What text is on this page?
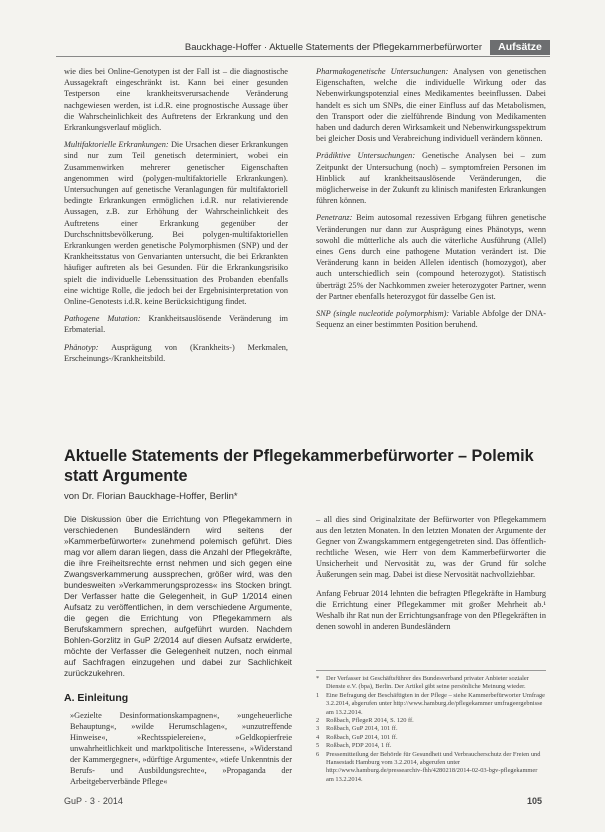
Bauckhage-Hoffer · Aktuelle Statements der Pflegekammerbefürworter	Aufsätze

wie dies bei Online-Genotypen ist der Fall ist – die diagnostische Aussagekraft eingeschränkt ist. Kann bei einer gesunden Testperson eine krankheitsverursachende Veränderung nachgewiesen werden, ist i.d.R. eine prognostische Aussage über die Wahrscheinlichkeit des Auftretens der Erkrankung und den Erkrankungsverlauf möglich.

Multifaktorielle Erkrankungen: Die Ursachen dieser Erkrankungen sind nur zum Teil genetisch determiniert, wobei ein Zusammenwirken mehrerer genetischer Eigenschaften angenommen wird (polygen-multifaktorielle Erkrankungen). Untersuchungen auf genetische Veranlagungen für multifaktoriell bedingte Erkrankungen ermöglichen i.d.R. nur relativierende Aussagen, z.B. zur Erhöhung der Wahrscheinlichkeit des Auftretens einer Erkrankung gegenüber der Durchschnittsbevölkerung. Bei polygen-multifaktoriellen Erkrankungen werden genetische Polymorphismen (SNP) und der Krankheitsstatus von Genvarianten untersucht, die bei Erkrankten häufiger auftreten als bei Gesunden. Für die Erkrankungsrisiko spielt die individuelle Lebenssituation des Probanden ebenfalls eine wichtige Rolle, die jedoch bei der Ergebnisinterpretation von Online-Genotests i.d.R. keine Berücksichtigung findet.

Pathogene Mutation: Krankheitsauslösende Veränderung im Erbmaterial.

Phänotyp: Ausprägung von (Krankheits-) Merkmalen, Erscheinungs-/Krankheitsbild.

Pharmakogenetische Untersuchungen: Analysen von genetischen Eigenschaften, welche die individuelle Wirkung oder das Nebenwirkungspotenzial eines Medikamentes beeinflussen. Dabei handelt es sich um SNPs, die einer Einfluss auf das Metabolismen, den Transport oder die zielführende Bindung von Medikamenten haben und dadurch deren Wirksamkeit und Nebenwirkungsspektrum bei gleicher Dosis und Verabreichung individuell verändern können.

Prädiktive Untersuchungen: Genetische Analysen bei – zum Zeitpunkt der Untersuchung (noch) – symptomfreien Personen im Hinblick auf krankheitsauslösende Veränderungen, die möglicherweise in der Zukunft zu klinisch manifesten Erkrankungen führen können.

Penetranz: Beim autosomal rezessiven Erbgang führen genetische Veränderungen nur dann zur Ausprägung eines Phänotyps, wenn sowohl die mütterliche als auch die väterliche Ausführung (Allel) eines Gens durch eine pathogene Mutation verändert ist. Die Veränderung kann in beiden Allelen identisch (homozygot), aber auch unterschiedlich sein (compound heterozygot). Statistisch überträgt 25% der Nachkommen zweier heterozygoter Partner, wenn der Partner ebenfalls heterozygot für dasselbe Gen ist.

SNP (single nucleotide polymorphism): Variable Abfolge der DNA-Sequenz an einer bestimmten Position beruhend.

Aktuelle Statements der Pflegekammerbefürworter – Polemik statt Argumente
von Dr. Florian Bauckhage-Hoffer, Berlin*

Die Diskussion über die Errichtung von Pflegekammern in verschiedenen Bundesländern wird seitens der »Kammerbefürworter« zunehmend polemisch geführt. Dies mag vor allem daran liegen, dass die Anzahl der Pflegekräfte, die ihre Freiheitsrechte ernst nehmen und sich gegen eine Zwangsverkammerung aussprechen, größer wird, was den bundesweiten »Verkammerungsprozess« ins Stocken bringt. Der Verfasser hatte die Gelegenheit, in GuP 1/2014 einen Aufsatz zu veröffentlichen, in dem verschiedene Argumente, die gegen die Errichtung von Pflegekammern als Berufskammern sprechen, aufgeführt wurden. Nachdem Bohlen-Gorzlitz in GuP 2/2014 auf diesen Aufsatz erwiderte, möchte der Verfasser die Gelegenheit nutzen, noch einmal auf Sachfragen einzugehen und dabei zur Sachlichkeit zurückzukehren.

A. Einleitung

»Gezielte Desinformationskampagnen«, »ungeheuerliche Behauptung«, »wilde Herumschlagen«, »unzutreffende Hinweise«, »Rechtsspielereien«, »Geldkopierfreie unwahrheitlichkeit und marktpolitische Interessen«, »Widerstand der Kammergegner«, »dürftige Argumente«, »tiefe Unkenntnis der Berufs- und Ausbildungsrechte«, »Propaganda der Arbeitgeberverbände Pflege«

– all dies sind Originalzitate der Befürworter von Pflegekammern aus den letzten Monaten. In den letzten Monaten der Argumente der Gegner von Zwangskammern entgegengetreten sind. Das öffentlich-rechtliche Wesen, wie Herr von dem Kammerbefürworter die Unsicherheit und Nervosität zu, was der Grund für solche Äußerungen sein mag. Dabei ist diese Nervosität nachvollziehbar.

Anfang Februar 2014 lehnten die befragten Pflegekräfte in Hamburg die Errichtung einer Pflegekammer mit großer Mehrheit ab.¹ Weshalb ihr Rat nun der Errichtungsanfrage von den Pflegekräften in denen sowohl in anderen Bundesländern

*	Der Verfasser ist Geschäftsführer des Bundesverband privater Anbieter sozialer Dienste e.V. (bpa), Berlin. Der Artikel gibt seine persönliche Meinung wieder.
1	Eine Befragung der Beschäftigten in der Pflege – siehe Kammerbefürworter Umfrage 3.2.2014, abgerufen unter http://www.hamburg.de/pflegekammer umfrageergebnisse am 13.2.2014.
2	Roßbach, PflegeR 2014, S. 120 ff.
3	Roßbach, GuP 2014, 101 ff.
4	Roßbach, GuP 2014, 101 ff.
5	Roßbach, PDP 2014, 1 ff.
6	Pressemitteilung der Behörde für Gesundheit und Verbraucherschutz der Freien und Hansestadt Hamburg vom 3.2.2014, abgerufen unter http://www.hamburg.de/pressearchiv-fhh/4280218/2014-02-03-bgv-pflegekammer am 13.2.2014.
GuP · 3 · 2014	105
